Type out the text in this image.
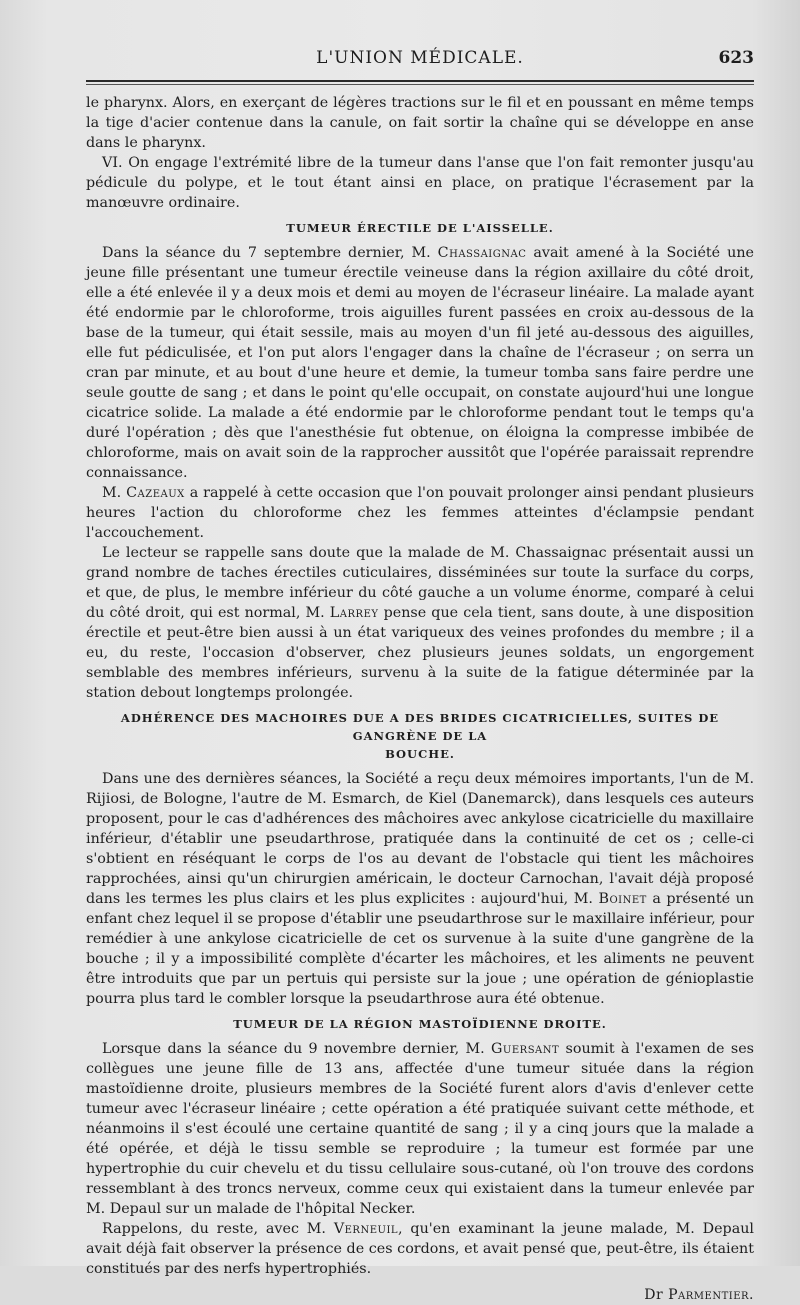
L'UNION MÉDICALE.	623

le pharynx. Alors, en exerçant de légères tractions sur le fil et en poussant en même temps la tige d'acier contenue dans la canule, on fait sortir la chaîne qui se développe en anse dans le pharynx.

VI. On engage l'extrémité libre de la tumeur dans l'anse que l'on fait remonter jusqu'au pédicule du polype, et le tout étant ainsi en place, on pratique l'écrasement par la manœuvre ordinaire.

TUMEUR ÉRECTILE DE L'AISSELLE.

Dans la séance du 7 septembre dernier, M. Chassaignac avait amené à la Société une jeune fille présentant une tumeur érectile veineuse dans la région axillaire du côté droit, elle a été enlevée il y a deux mois et demi au moyen de l'écraseur linéaire. La malade ayant été endormie par le chloroforme, trois aiguilles furent passées en croix au-dessous de la base de la tumeur, qui était sessile, mais au moyen d'un fil jeté au-dessous des aiguilles, elle fut pédiculisée, et l'on put alors l'engager dans la chaîne de l'écraseur ; on serra un cran par minute, et au bout d'une heure et demie, la tumeur tomba sans faire perdre une seule goutte de sang ; et dans le point qu'elle occupait, on constate aujourd'hui une longue cicatrice solide. La malade a été endormie par le chloroforme pendant tout le temps qu'a duré l'opération ; dès que l'anesthésie fut obtenue, on éloigna la compresse imbibée de chloroforme, mais on avait soin de la rapprocher aussitôt que l'opérée paraissait reprendre connaissance.

M. Cazeaux a rappelé à cette occasion que l'on pouvait prolonger ainsi pendant plusieurs heures l'action du chloroforme chez les femmes atteintes d'éclampsie pendant l'accouchement.

Le lecteur se rappelle sans doute que la malade de M. Chassaignac présentait aussi un grand nombre de taches érectiles cuticulaires, disséminées sur toute la surface du corps, et que, de plus, le membre inférieur du côté gauche a un volume énorme, comparé à celui du côté droit, qui est normal, M. Larrey pense que cela tient, sans doute, à une disposition érectile et peut-être bien aussi à un état variqueux des veines profondes du membre ; il a eu, du reste, l'occasion d'observer, chez plusieurs jeunes soldats, un engorgement semblable des membres inférieurs, survenu à la suite de la fatigue déterminée par la station debout longtemps prolongée.

ADHÉRENCE DES MACHOIRES DUE A DES BRIDES CICATRICIELLES, SUITES DE GANGRÈNE DE LA
BOUCHE.

Dans une des dernières séances, la Société a reçu deux mémoires importants, l'un de M. Rijiosi, de Bologne, l'autre de M. Esmarch, de Kiel (Danemarck), dans lesquels ces auteurs proposent, pour le cas d'adhérences des mâchoires avec ankylose cicatricielle du maxillaire inférieur, d'établir une pseudarthrose, pratiquée dans la continuité de cet os ; celle-ci s'obtient en réséquant le corps de l'os au devant de l'obstacle qui tient les mâchoires rapprochées, ainsi qu'un chirurgien américain, le docteur Carnochan, l'avait déjà proposé dans les termes les plus clairs et les plus explicites : aujourd'hui, M. Boinet a présenté un enfant chez lequel il se propose d'établir une pseudarthrose sur le maxillaire inférieur, pour remédier à une ankylose cicatricielle de cet os survenue à la suite d'une gangrène de la bouche ; il y a impossibilité complète d'écarter les mâchoires, et les aliments ne peuvent être introduits que par un pertuis qui persiste sur la joue ; une opération de génioplastie pourra plus tard le combler lorsque la pseudarthrose aura été obtenue.

TUMEUR DE LA RÉGION MASTOÏDIENNE DROITE.

Lorsque dans la séance du 9 novembre dernier, M. Guersant soumit à l'examen de ses collègues une jeune fille de 13 ans, affectée d'une tumeur située dans la région mastoïdienne droite, plusieurs membres de la Société furent alors d'avis d'enlever cette tumeur avec l'écraseur linéaire ; cette opération a été pratiquée suivant cette méthode, et néanmoins il s'est écoulé une certaine quantité de sang ; il y a cinq jours que la malade a été opérée, et déjà le tissu semble se reproduire ; la tumeur est formée par une hypertrophie du cuir chevelu et du tissu cellulaire sous-cutané, où l'on trouve des cordons ressemblant à des troncs nerveux, comme ceux qui existaient dans la tumeur enlevée par M. Depaul sur un malade de l'hôpital Necker.

Rappelons, du reste, avec M. Verneuil, qu'en examinant la jeune malade, M. Depaul avait déjà fait observer la présence de ces cordons, et avait pensé que, peut-être, ils étaient constitués par des nerfs hypertrophiés.

Dr Parmentier.
